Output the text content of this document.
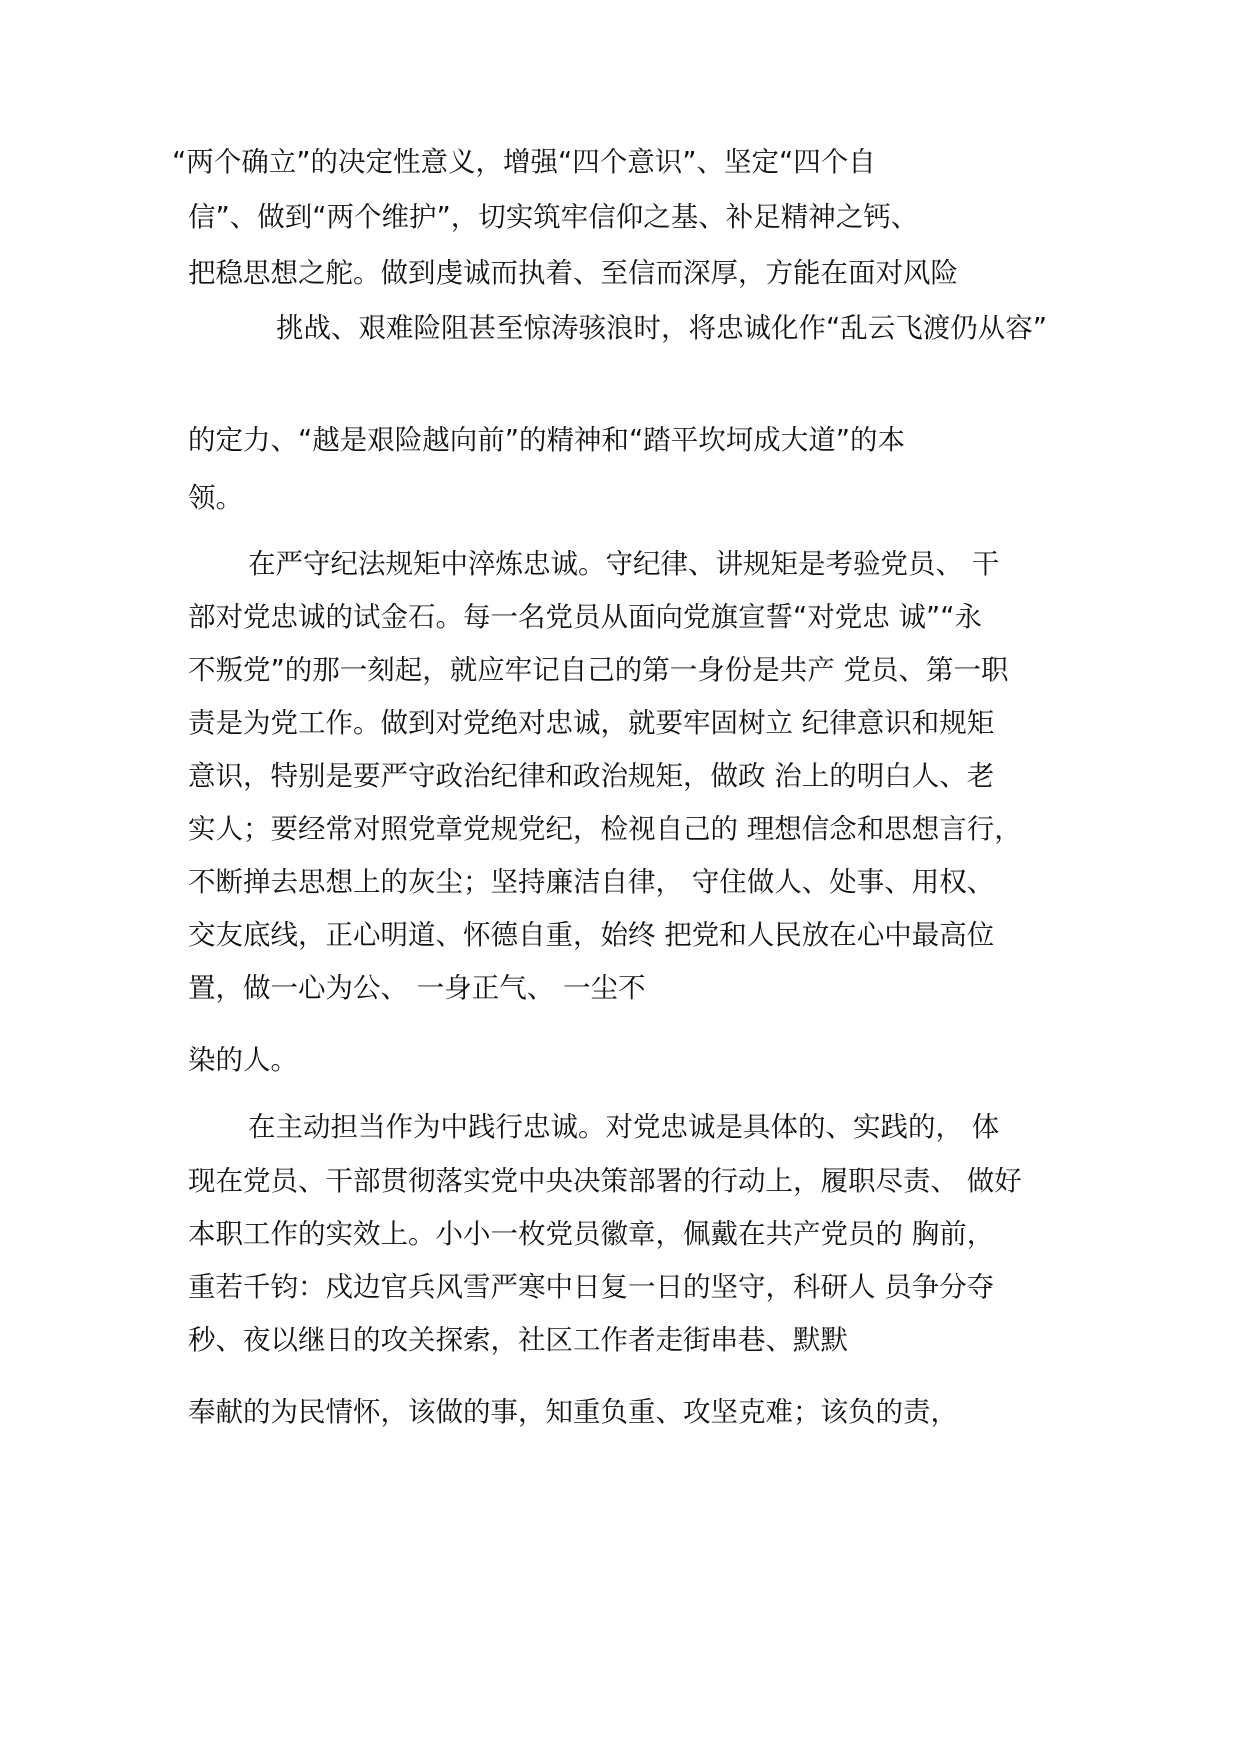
“两个确立”的决定性意义，增强“四个意识”、坚定“四个自
信”、做到“两个维护”，切实筑牢信仰之基、补足精神之钙、
把稳思想之舵。做到虔诚而执着、至信而深厚，方能在面对风险
挑战、艰难险阻甚至惊涛骇浪时，将忠诚化作“乱云飞渡仍从容”
的定力、“越是艰险越向前”的精神和“踏平坎坷成大道”的本
领。
在严守纪法规矩中淬炼忠诚。守纪律、讲规矩是考验党员、 干
部对党忠诚的试金石。每一名党员从面向党旗宣誓“对党忠 诚”“永
不叛党”的那一刻起，就应牢记自己的第一身份是共产 党员、第一职
责是为党工作。做到对党绝对忠诚，就要牢固树立 纪律意识和规矩
意识，特别是要严守政治纪律和政治规矩，做政 治上的明白人、老
实人；要经常对照党章党规党纪，检视自己的 理想信念和思想言行，
不断掸去思想上的灰尘；坚持廉洁自律， 守住做人、处事、用权、
交友底线，正心明道、怀德自重，始终 把党和人民放在心中最高位
置，做一心为公、 一身正气、 一尘不
染的人。
在主动担当作为中践行忠诚。对党忠诚是具体的、实践的， 体
现在党员、干部贯彻落实党中央决策部署的行动上，履职尽责、 做好
本职工作的实效上。小小一枚党员徽章，佩戴在共产党员的 胸前，
重若千钧：戍边官兵风雪严寒中日复一日的坚守，科研人 员争分夺
秒、夜以继日的攻关探索，社区工作者走街串巷、默默
奉献的为民情怀，该做的事，知重负重、攻坚克难；该负的责，
